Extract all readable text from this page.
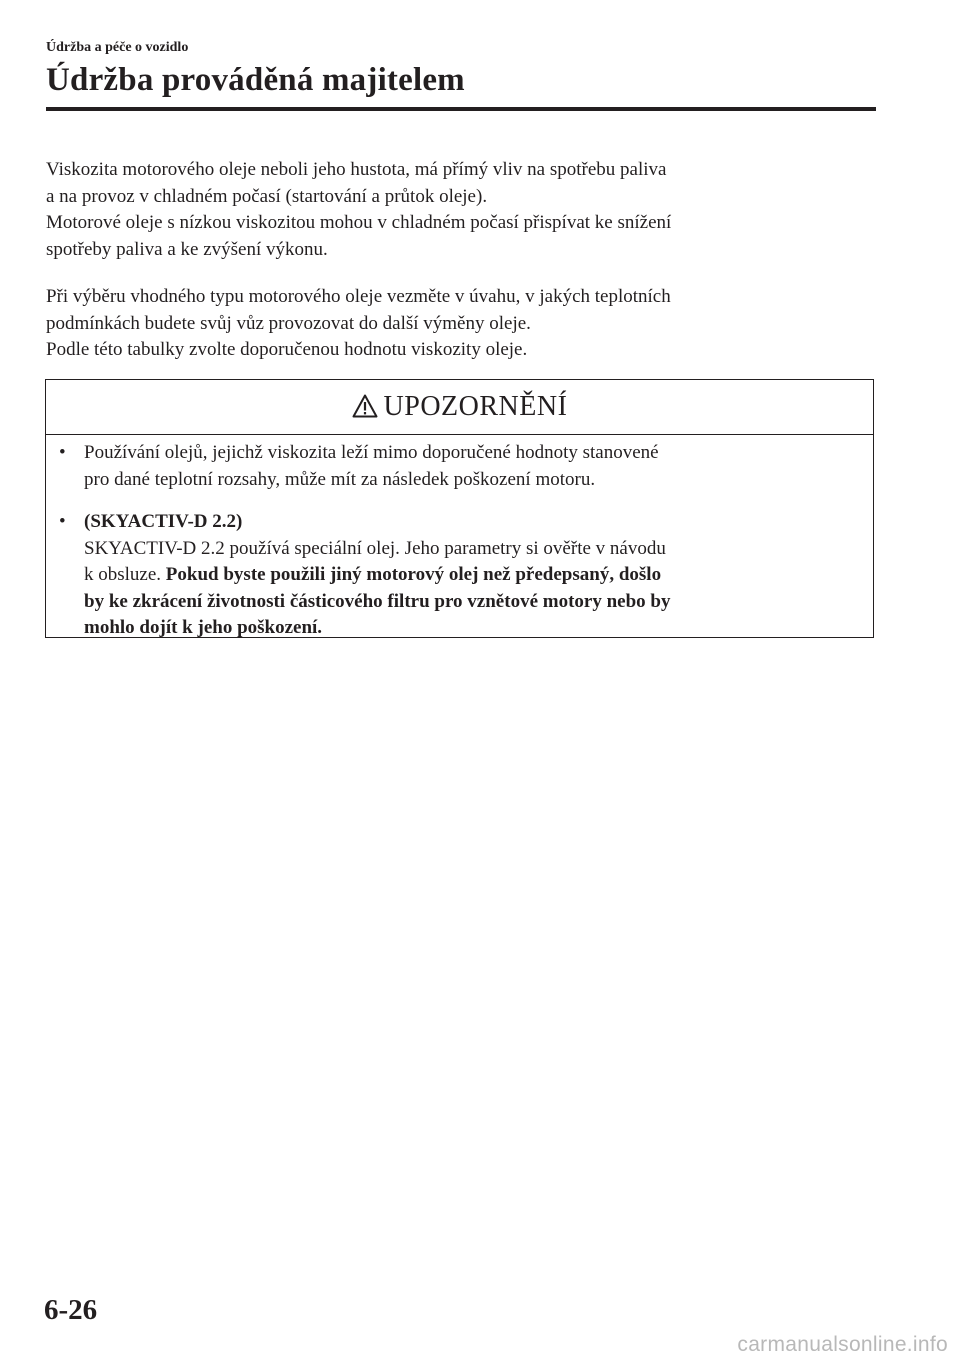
Údržba a péče o vozidlo

Údržba prováděná majitelem

Viskozita motorového oleje neboli jeho hustota, má přímý vliv na spotřebu paliva
a na provoz v chladném počasí (startování a průtok oleje).
Motorové oleje s nízkou viskozitou mohou v chladném počasí přispívat ke snížení
spotřeby paliva a ke zvýšení výkonu.

Při výběru vhodného typu motorového oleje vezměte v úvahu, v jakých teplotních
podmínkách budete svůj vůz provozovat do další výměny oleje.
Podle této tabulky zvolte doporučenou hodnotu viskozity oleje.

UPOZORNĚNÍ
• Používání olejů, jejichž viskozita leží mimo doporučené hodnoty stanovené
pro dané teplotní rozsahy, může mít za následek poškození motoru.
• (SKYACTIV-D 2.2)
SKYACTIV-D 2.2 používá speciální olej. Jeho parametry si ověřte v návodu
k obsluze. Pokud byste použili jiný motorový olej než předepsaný, došlo
by ke zkrácení životnosti částicového filtru pro vznětové motory nebo by
mohlo dojít k jeho poškození.

6-26

carmanualsonline.info
